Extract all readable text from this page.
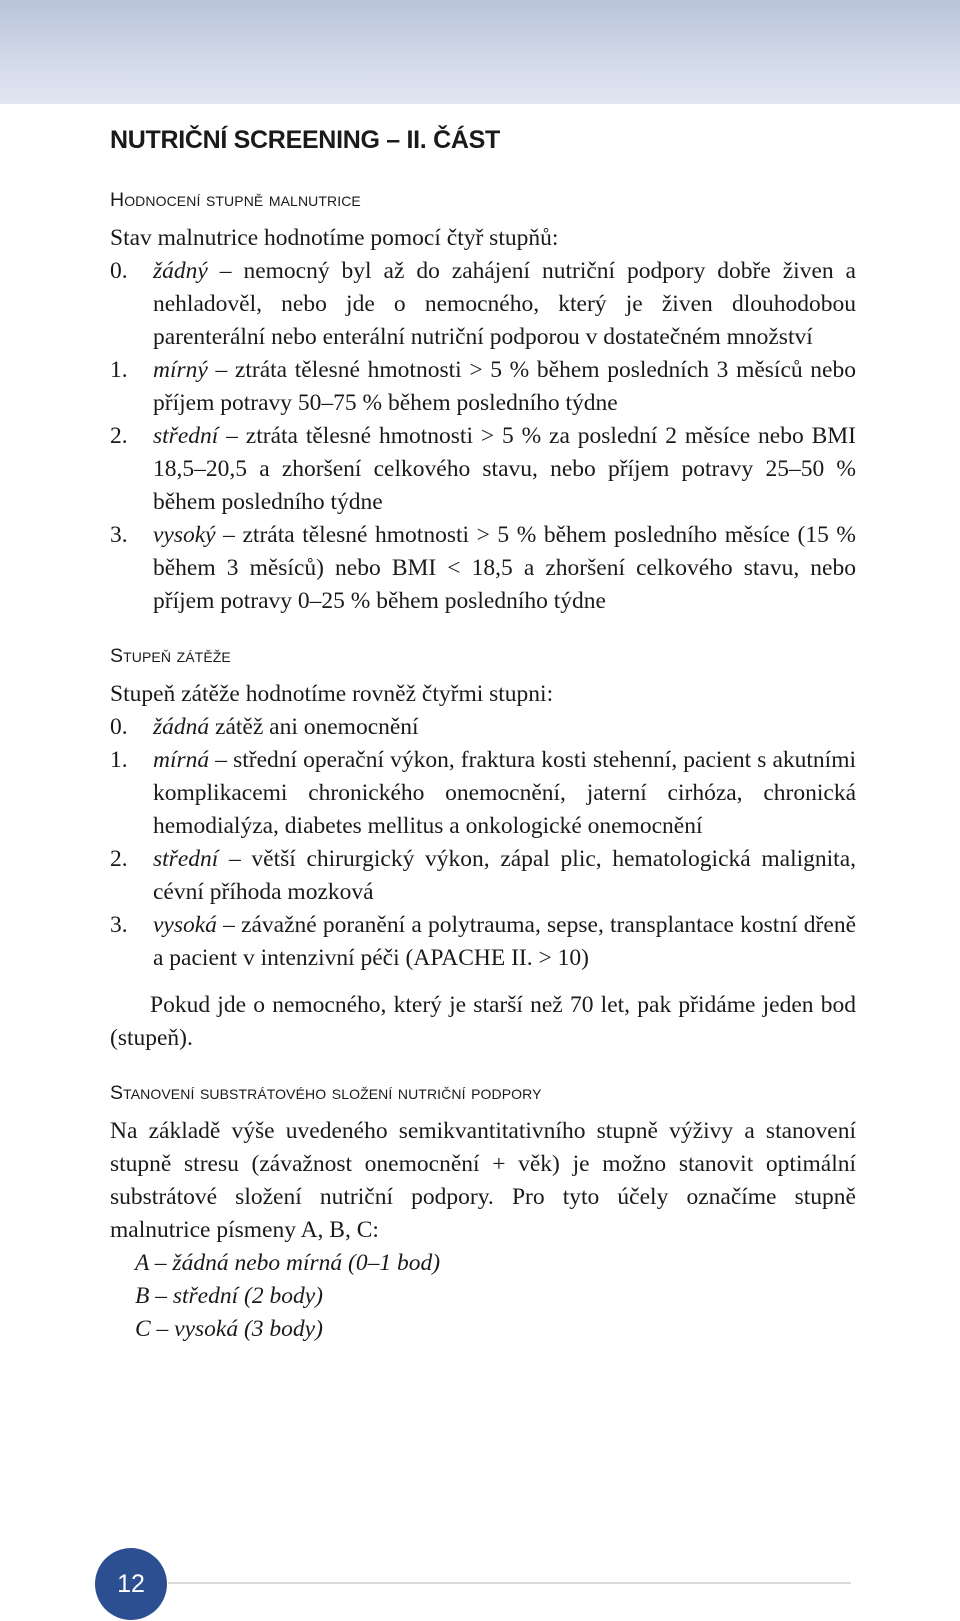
NUTRIČNÍ SCREENING – II. ČÁST
Hodnocení stupně malnutrice

Stav malnutrice hodnotíme pomocí čtyř stupňů:

0. žádný – nemocný byl až do zahájení nutriční podpory dobře živen a nehladověl, nebo jde o nemocného, který je živen dlouhodobou parenterální nebo enterální nutriční podporou v dostatečném množství
1. mírný – ztráta tělesné hmotnosti > 5 % během posledních 3 měsíců nebo příjem potravy 50–75 % během posledního týdne
2. střední – ztráta tělesné hmotnosti > 5 % za poslední 2 měsíce nebo BMI 18,5–20,5 a zhoršení celkového stavu, nebo příjem potravy 25–50 % během posledního týdne
3. vysoký – ztráta tělesné hmotnosti > 5 % během posledního měsíce (15 % během 3 měsíců) nebo BMI < 18,5 a zhoršení celkového stavu, nebo příjem potravy 0–25 % během posledního týdne
Stupeň zátěže

Stupeň zátěže hodnotíme rovněž čtyřmi stupni:

0. žádná zátěž ani onemocnění
1. mírná – střední operační výkon, fraktura kosti stehenní, pacient s akutními komplikacemi chronického onemocnění, jaterní cirhóza, chronická hemodialýza, diabetes mellitus a onkologické onemocnění
2. střední – větší chirurgický výkon, zápal plic, hematologická malignita, cévní příhoda mozková
3. vysoká – závažné poranění a polytrauma, sepse, transplantace kostní dřeně a pacient v intenzivní péči (APACHE II. > 10)

Pokud jde o nemocného, který je starší než 70 let, pak přidáme jeden bod (stupeň).

Stanovení substrátového složení nutriční podpory

Na základě výše uvedeného semikvantitativního stupně výživy a stanovení stupně stresu (závažnost onemocnění + věk) je možno stanovit optimální substrátové složení nutriční podpory. Pro tyto účely označíme stupně malnutrice písmeny A, B, C:

A – žádná nebo mírná (0–1 bod)
B – střední (2 body)
C – vysoká (3 body)
12
